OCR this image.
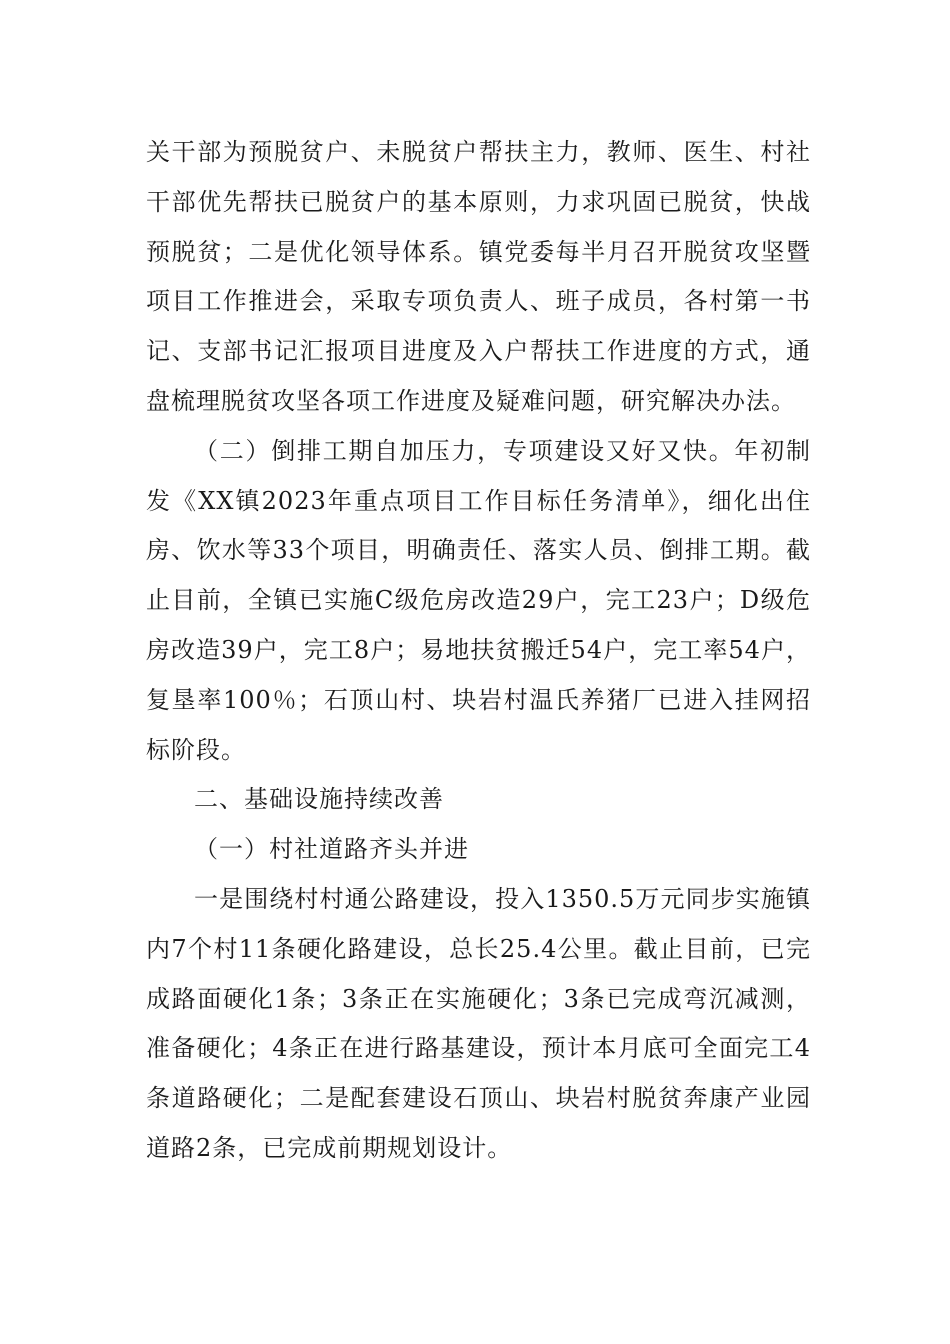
关干部为预脱贫户、未脱贫户帮扶主力，教师、医生、村社干部优先帮扶已脱贫户的基本原则，力求巩固已脱贫，快战预脱贫；二是优化领导体系。镇党委每半月召开脱贫攻坚暨项目工作推进会，采取专项负责人、班子成员，各村第一书记、支部书记汇报项目进度及入户帮扶工作进度的方式，通盘梳理脱贫攻坚各项工作进度及疑难问题，研究解决办法。

（二）倒排工期自加压力，专项建设又好又快。年初制发《XX镇2023年重点项目工作目标任务清单》，细化出住房、饮水等33个项目，明确责任、落实人员、倒排工期。截止目前，全镇已实施C级危房改造29户，完工23户；D级危房改造39户，完工8户；易地扶贫搬迁54户，完工率54户，复垦率100％；石顶山村、块岩村温氏养猪厂已进入挂网招标阶段。

二、基础设施持续改善

（一）村社道路齐头并进

一是围绕村村通公路建设，投入1350.5万元同步实施镇内7个村11条硬化路建设，总长25.4公里。截止目前，已完成路面硬化1条；3条正在实施硬化；3条已完成弯沉减测，准备硬化；4条正在进行路基建设，预计本月底可全面完工4条道路硬化；二是配套建设石顶山、块岩村脱贫奔康产业园道路2条，已完成前期规划设计。
